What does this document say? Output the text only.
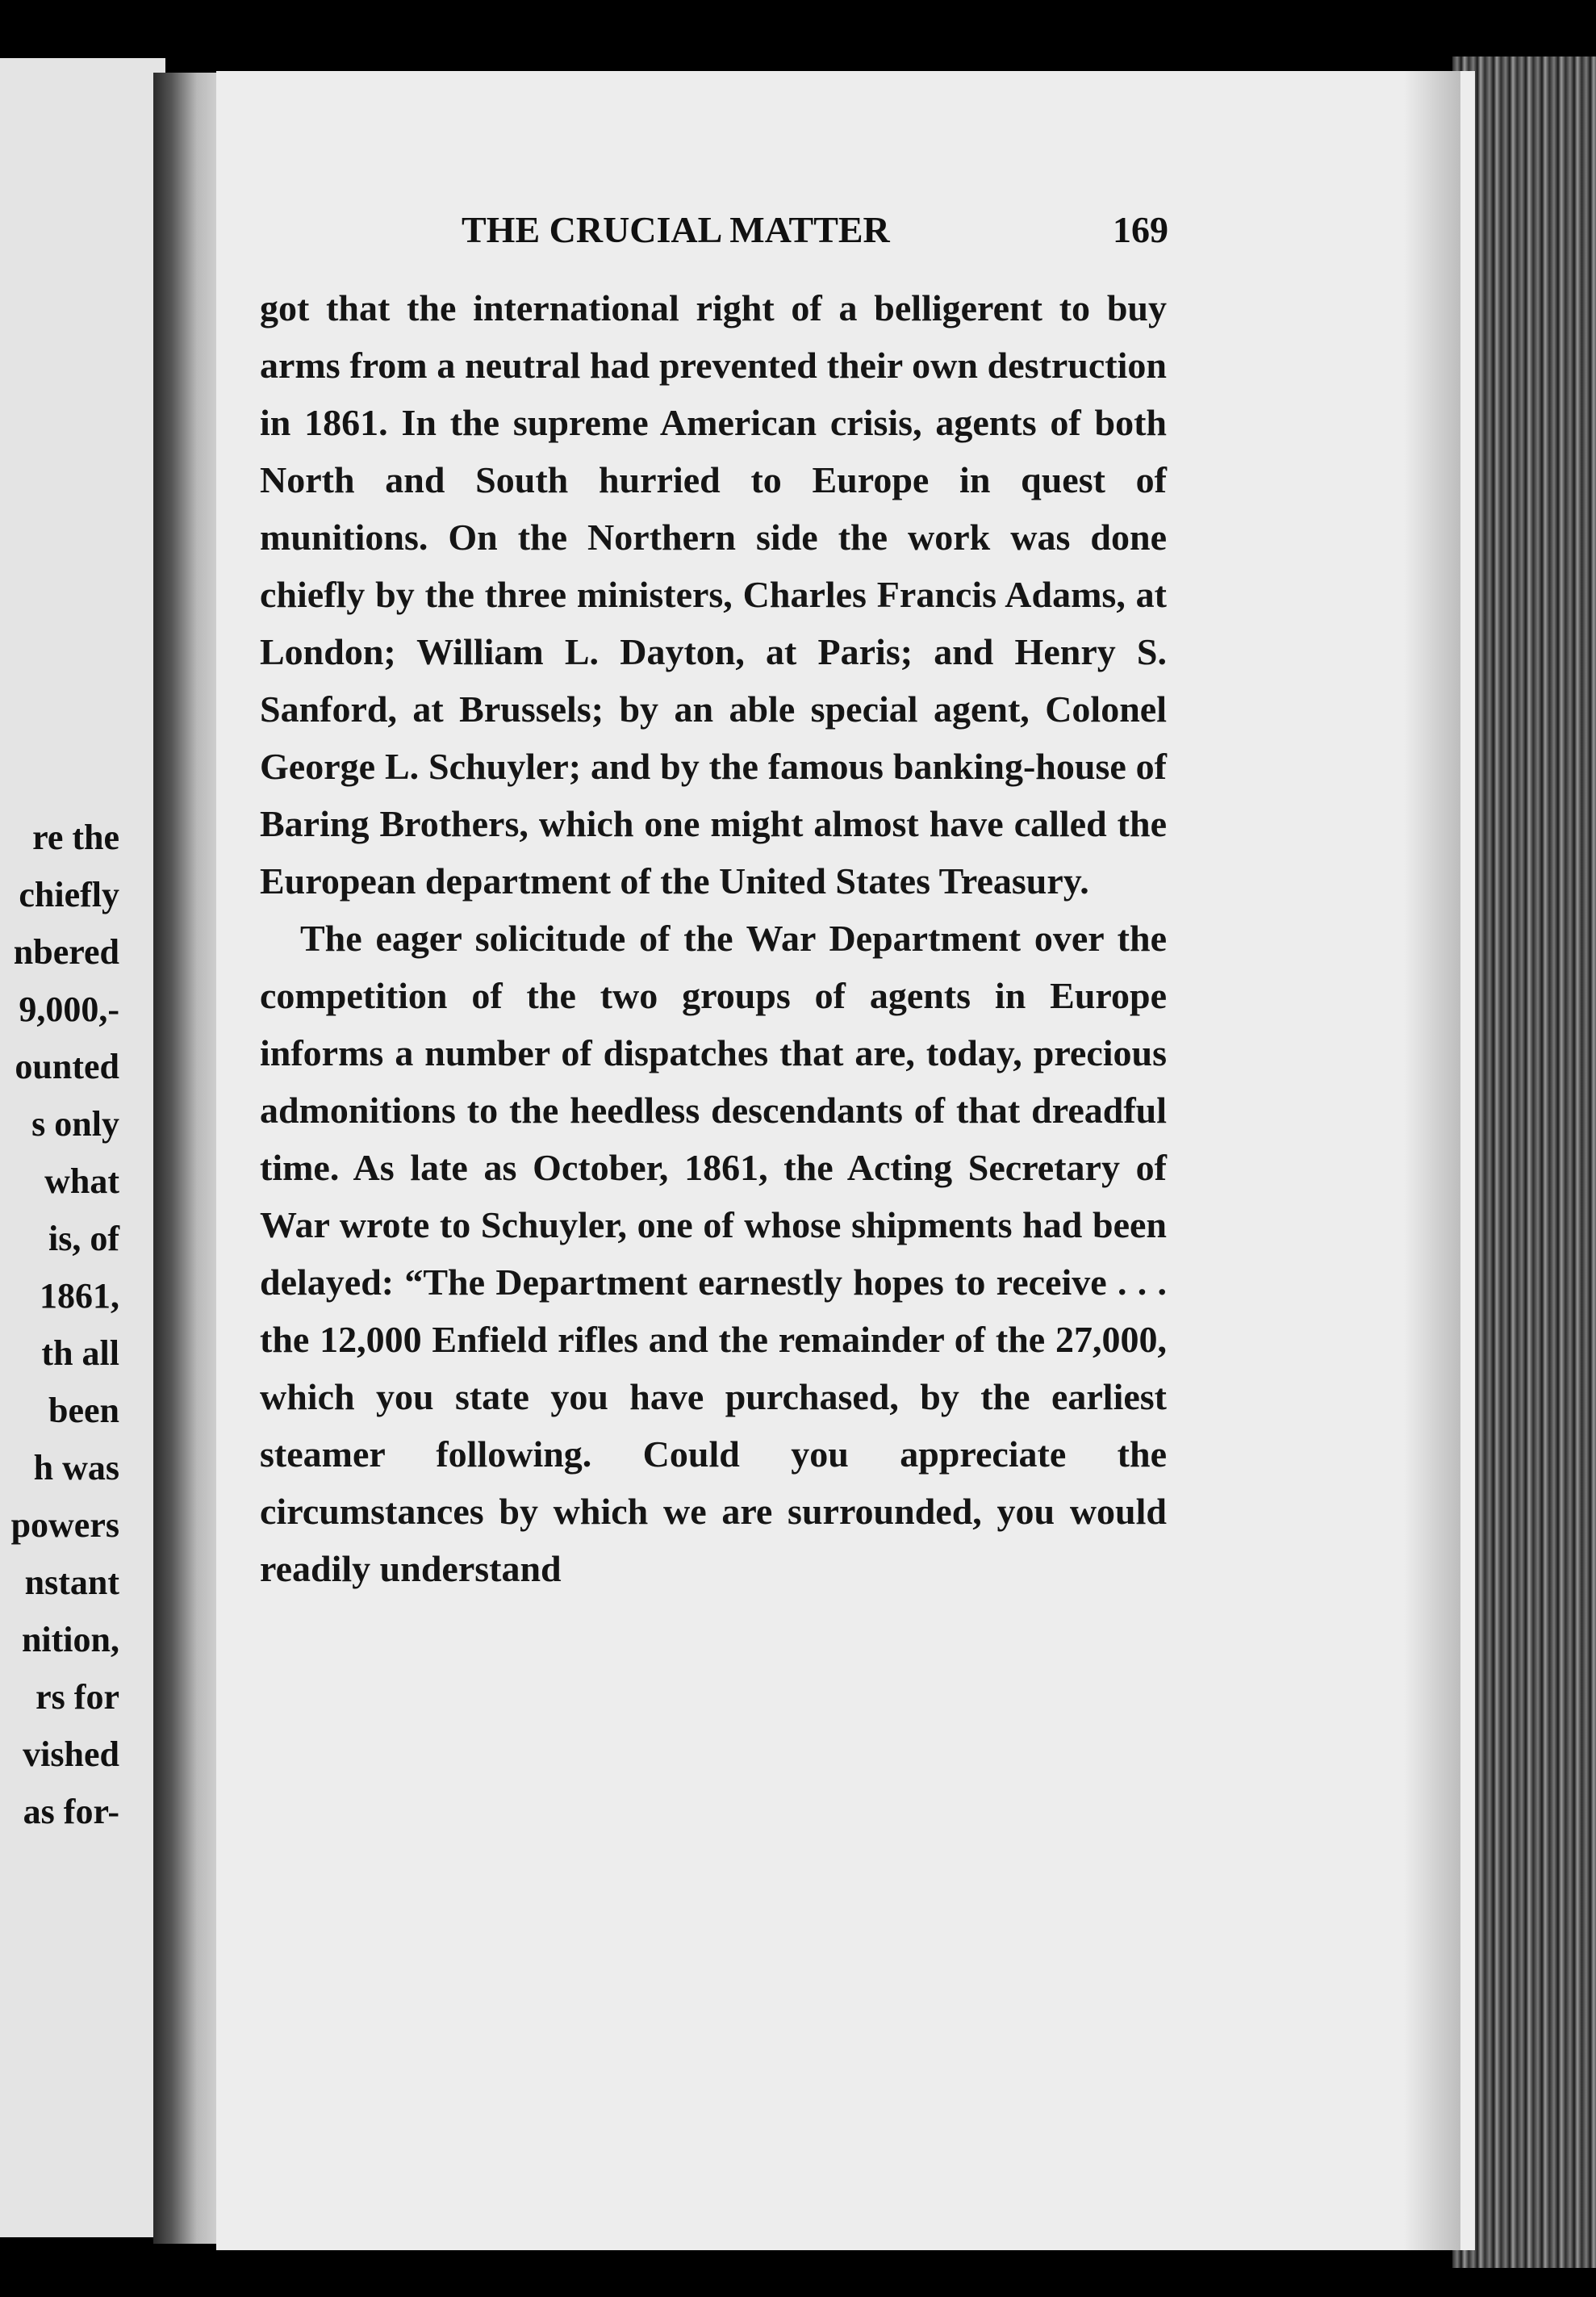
re the
chiefly
nbered
9,000,-
ounted
s only
what
is, of
1861,
th all
been
h was
powers
nstant
nition,
rs for
vished
as for-
THE CRUCIAL MATTER	169

got that the international right of a belligerent to buy arms from a neutral had prevented their own destruction in 1861. In the supreme American crisis, agents of both North and South hurried to Europe in quest of munitions. On the Northern side the work was done chiefly by the three ministers, Charles Francis Adams, at London; William L. Dayton, at Paris; and Henry S. Sanford, at Brussels; by an able special agent, Colonel George L. Schuyler; and by the famous banking-house of Baring Brothers, which one might almost have called the European department of the United States Treasury.

The eager solicitude of the War Department over the competition of the two groups of agents in Europe informs a number of dispatches that are, today, precious admonitions to the heedless descendants of that dreadful time. As late as October, 1861, the Acting Secretary of War wrote to Schuyler, one of whose shipments had been delayed: “The Department earnestly hopes to receive . . . the 12,000 Enfield rifles and the remainder of the 27,000, which you state you have purchased, by the earliest steamer following. Could you appreciate the circumstances by which we are surrounded, you would readily understand
